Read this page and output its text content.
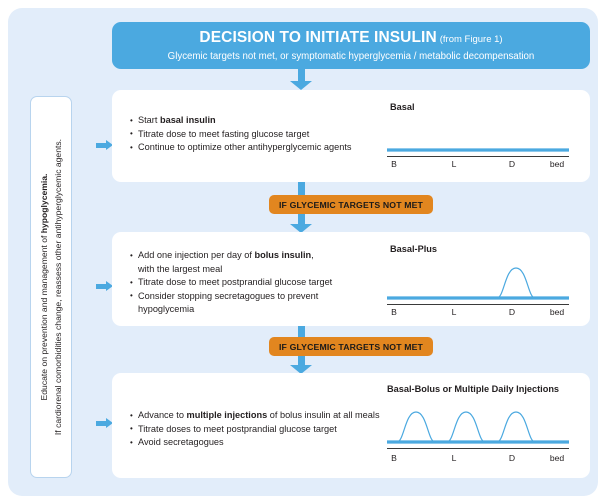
DECISION TO INITIATE INSULIN (from Figure 1)
Glycemic targets not met, or symptomatic hyperglycemia / metabolic decompensation
Educate on prevention and management of hypoglycemia. If cardiorenal comorbidities change, reassess other antihyperglycemic agents.
• Start basal insulin
• Titrate dose to meet fasting glucose target
• Continue to optimize other antihyperglycemic agents
Basal
B	L	D	bed
IF GLYCEMIC TARGETS NOT MET
• Add one injection per day of bolus insulin,
with the largest meal
• Titrate dose to meet postprandial glucose target
• Consider stopping secretagogues to prevent
hypoglycemia
Basal-Plus
B	L	D	bed
IF GLYCEMIC TARGETS NOT MET
• Advance to multiple injections of bolus insulin at all meals
• Titrate doses to meet postprandial glucose target
• Avoid secretagogues
Basal-Bolus or Multiple Daily Injections
B	L	D	bed
